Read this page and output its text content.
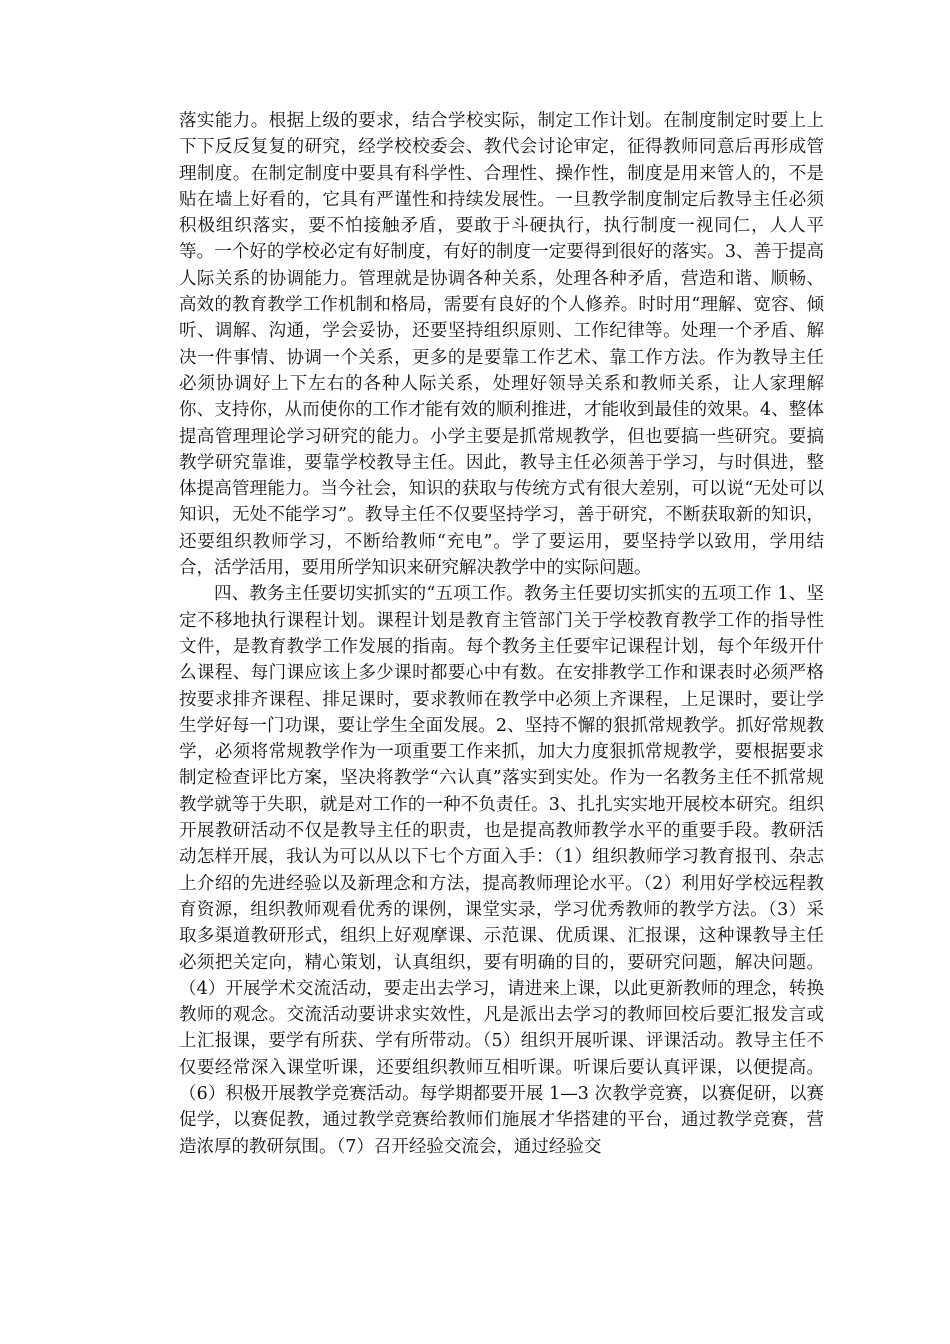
落实能力。根据上级的要求，结合学校实际，制定工作计划。在制度制定时要上上下下反反复复的研究，经学校校委会、教代会讨论审定，征得教师同意后再形成管理制度。在制定制度中要具有科学性、合理性、操作性，制度是用来管人的，不是贴在墙上好看的，它具有严谨性和持续发展性。一旦教学制度制定后教导主任必须积极组织落实，要不怕接触矛盾，要敢于斗硬执行，执行制度一视同仁，人人平等。一个好的学校必定有好制度，有好的制度一定要得到很好的落实。3、善于提高人际关系的协调能力。管理就是协调各种关系，处理各种矛盾，营造和谐、顺畅、高效的教育教学工作机制和格局，需要有良好的个人修养。时时用“理解、宽容、倾听、调解、沟通，学会妥协，还要坚持组织原则、工作纪律等。处理一个矛盾、解决一件事情、协调一个关系，更多的是要靠工作艺术、靠工作方法。作为教导主任必须协调好上下左右的各种人际关系，处理好领导关系和教师关系，让人家理解你、支持你，从而使你的工作才能有效的顺利推进，才能收到最佳的效果。4、整体提高管理理论学习研究的能力。小学主要是抓常规教学，但也要搞一些研究。要搞教学研究靠谁，要靠学校教导主任。因此，教导主任必须善于学习，与时俱进，整体提高管理能力。当今社会，知识的获取与传统方式有很大差别，可以说“无处可以知识，无处不能学习”。教导主任不仅要坚持学习，善于研究，不断获取新的知识，还要组织教师学习，不断给教师“充电”。学了要运用，要坚持学以致用，学用结合，活学活用，要用所学知识来研究解决教学中的实际问题。

四、教务主任要切实抓实的“五项工作。教务主任要切实抓实的五项工作 1、坚定不移地执行课程计划。课程计划是教育主管部门关于学校教育教学工作的指导性文件，是教育教学工作发展的指南。每个教务主任要牢记课程计划，每个年级开什么课程、每门课应该上多少课时都要心中有数。在安排教学工作和课表时必须严格按要求排齐课程、排足课时，要求教师在教学中必须上齐课程，上足课时，要让学生学好每一门功课，要让学生全面发展。2、坚持不懈的狠抓常规教学。抓好常规教学，必须将常规教学作为一项重要工作来抓，加大力度狠抓常规教学，要根据要求制定检查评比方案，坚决将教学“六认真”落实到实处。作为一名教务主任不抓常规教学就等于失职，就是对工作的一种不负责任。3、扎扎实实地开展校本研究。组织开展教研活动不仅是教导主任的职责，也是提高教师教学水平的重要手段。教研活动怎样开展，我认为可以从以下七个方面入手：（1）组织教师学习教育报刊、杂志上介绍的先进经验以及新理念和方法，提高教师理论水平。（2）利用好学校远程教育资源，组织教师观看优秀的课例，课堂实录，学习优秀教师的教学方法。（3）采取多渠道教研形式，组织上好观摩课、示范课、优质课、汇报课，这种课教导主任必须把关定向，精心策划，认真组织，要有明确的目的，要研究问题，解决问题。（4）开展学术交流活动，要走出去学习，请进来上课，以此更新教师的理念，转换教师的观念。交流活动要讲求实效性，凡是派出去学习的教师回校后要汇报发言或上汇报课，要学有所获、学有所带动。（5）组织开展听课、评课活动。教导主任不仅要经常深入课堂听课，还要组织教师互相听课。听课后要认真评课，以便提高。（6）积极开展教学竞赛活动。每学期都要开展 1—3 次教学竞赛，以赛促研，以赛促学，以赛促教，通过教学竞赛给教师们施展才华搭建的平台，通过教学竞赛，营造浓厚的教研氛围。（7）召开经验交流会，通过经验交
